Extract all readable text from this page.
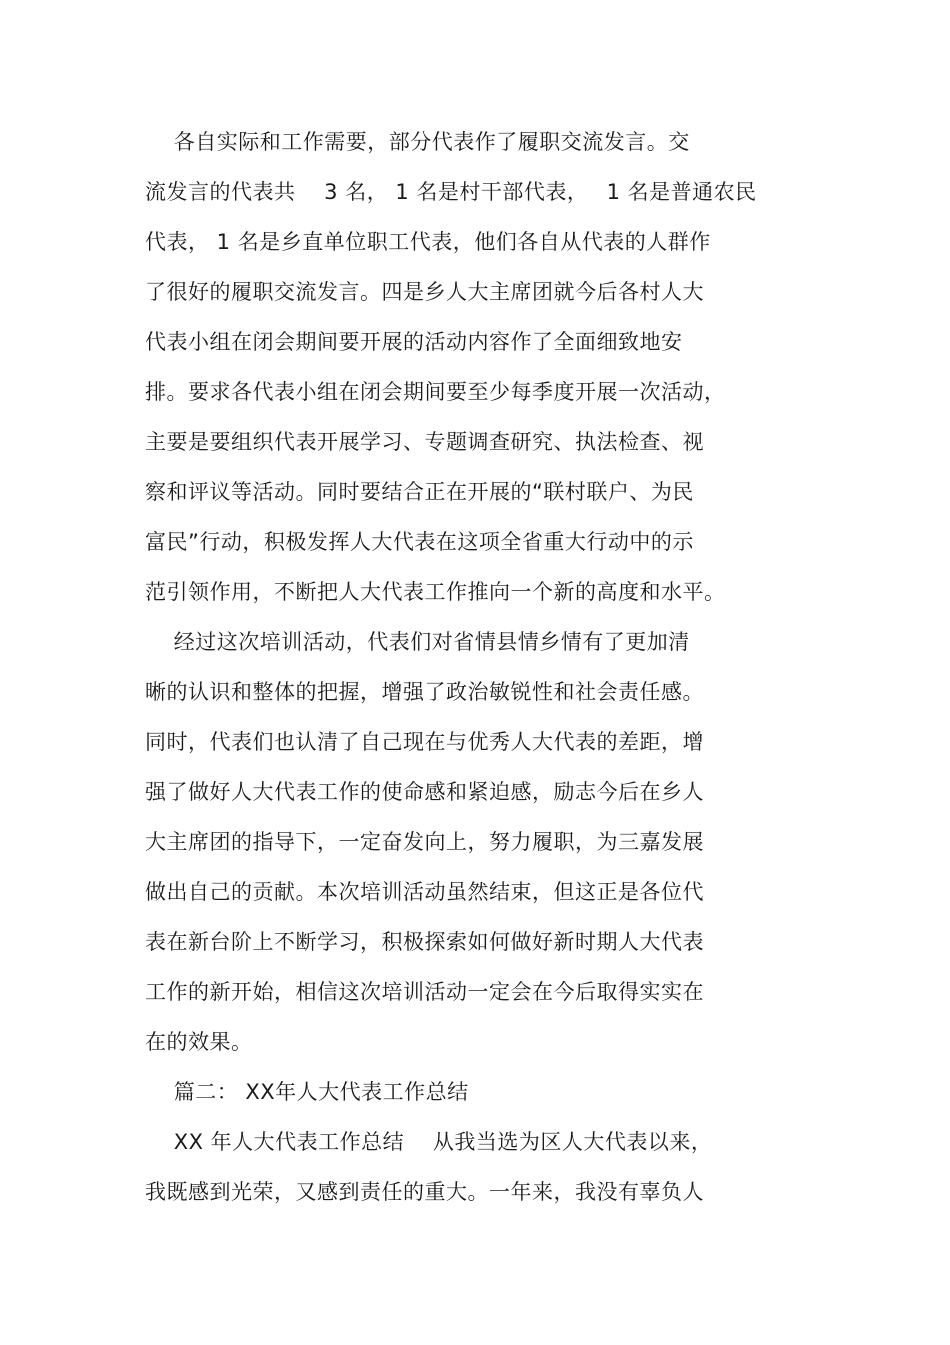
各自实际和工作需要，部分代表作了履职交流发言。交
流发言的代表共　 3 名， 1 名是村干部代表，　 1 名是普通农民
代表， 1 名是乡直单位职工代表，他们各自从代表的人群作
了很好的履职交流发言。四是乡人大主席团就今后各村人大
代表小组在闭会期间要开展的活动内容作了全面细致地安
排。要求各代表小组在闭会期间要至少每季度开展一次活动，
主要是要组织代表开展学习、专题调查研究、执法检查、视
察和评议等活动。同时要结合正在开展的“联村联户、为民
富民”行动，积极发挥人大代表在这项全省重大行动中的示
范引领作用，不断把人大代表工作推向一个新的高度和水平。
经过这次培训活动，代表们对省情县情乡情有了更加清
晰的认识和整体的把握，增强了政治敏锐性和社会责任感。
同时，代表们也认清了自己现在与优秀人大代表的差距，增
强了做好人大代表工作的使命感和紧迫感，励志今后在乡人
大主席团的指导下，一定奋发向上，努力履职，为三嘉发展
做出自己的贡献。本次培训活动虽然结束，但这正是各位代
表在新台阶上不断学习，积极探索如何做好新时期人大代表
工作的新开始，相信这次培训活动一定会在今后取得实实在
在的效果。
篇二： XX年人大代表工作总结
XX 年人大代表工作总结　 从我当选为区人大代表以来，
我既感到光荣，又感到责任的重大。一年来，我没有辜负人
